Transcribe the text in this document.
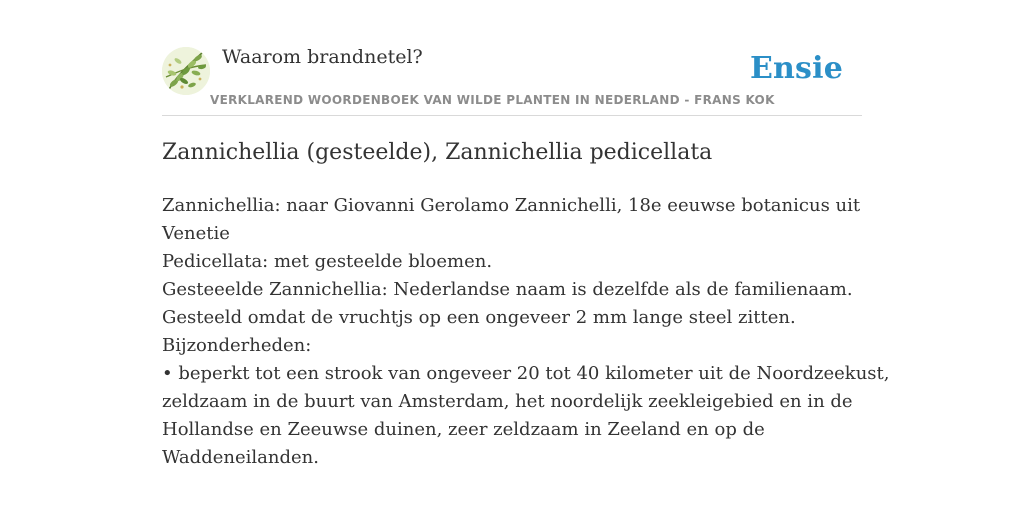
Waarom brandnetel?	Ensie
VERKLAREND WOORDENBOEK VAN WILDE PLANTEN IN NEDERLAND - FRANS KOK
Zannichellia (gesteelde), Zannichellia pedicellata
Zannichellia: naar Giovanni Gerolamo Zannichelli, 18e eeuwse botanicus uit
Venetie
Pedicellata: met gesteelde bloemen.
Gesteeelde Zannichellia: Nederlandse naam is dezelfde als de familienaam.
Gesteeld omdat de vruchtjs op een ongeveer 2 mm lange steel zitten.
Bijzonderheden:
• beperkt tot een strook van ongeveer 20 tot 40 kilometer uit de Noordzeekust,
zeldzaam in de buurt van Amsterdam, het noordelijk zeekleigebied en in de
Hollandse en Zeeuwse duinen, zeer zeldzaam in Zeeland en op de
Waddeneilanden.
